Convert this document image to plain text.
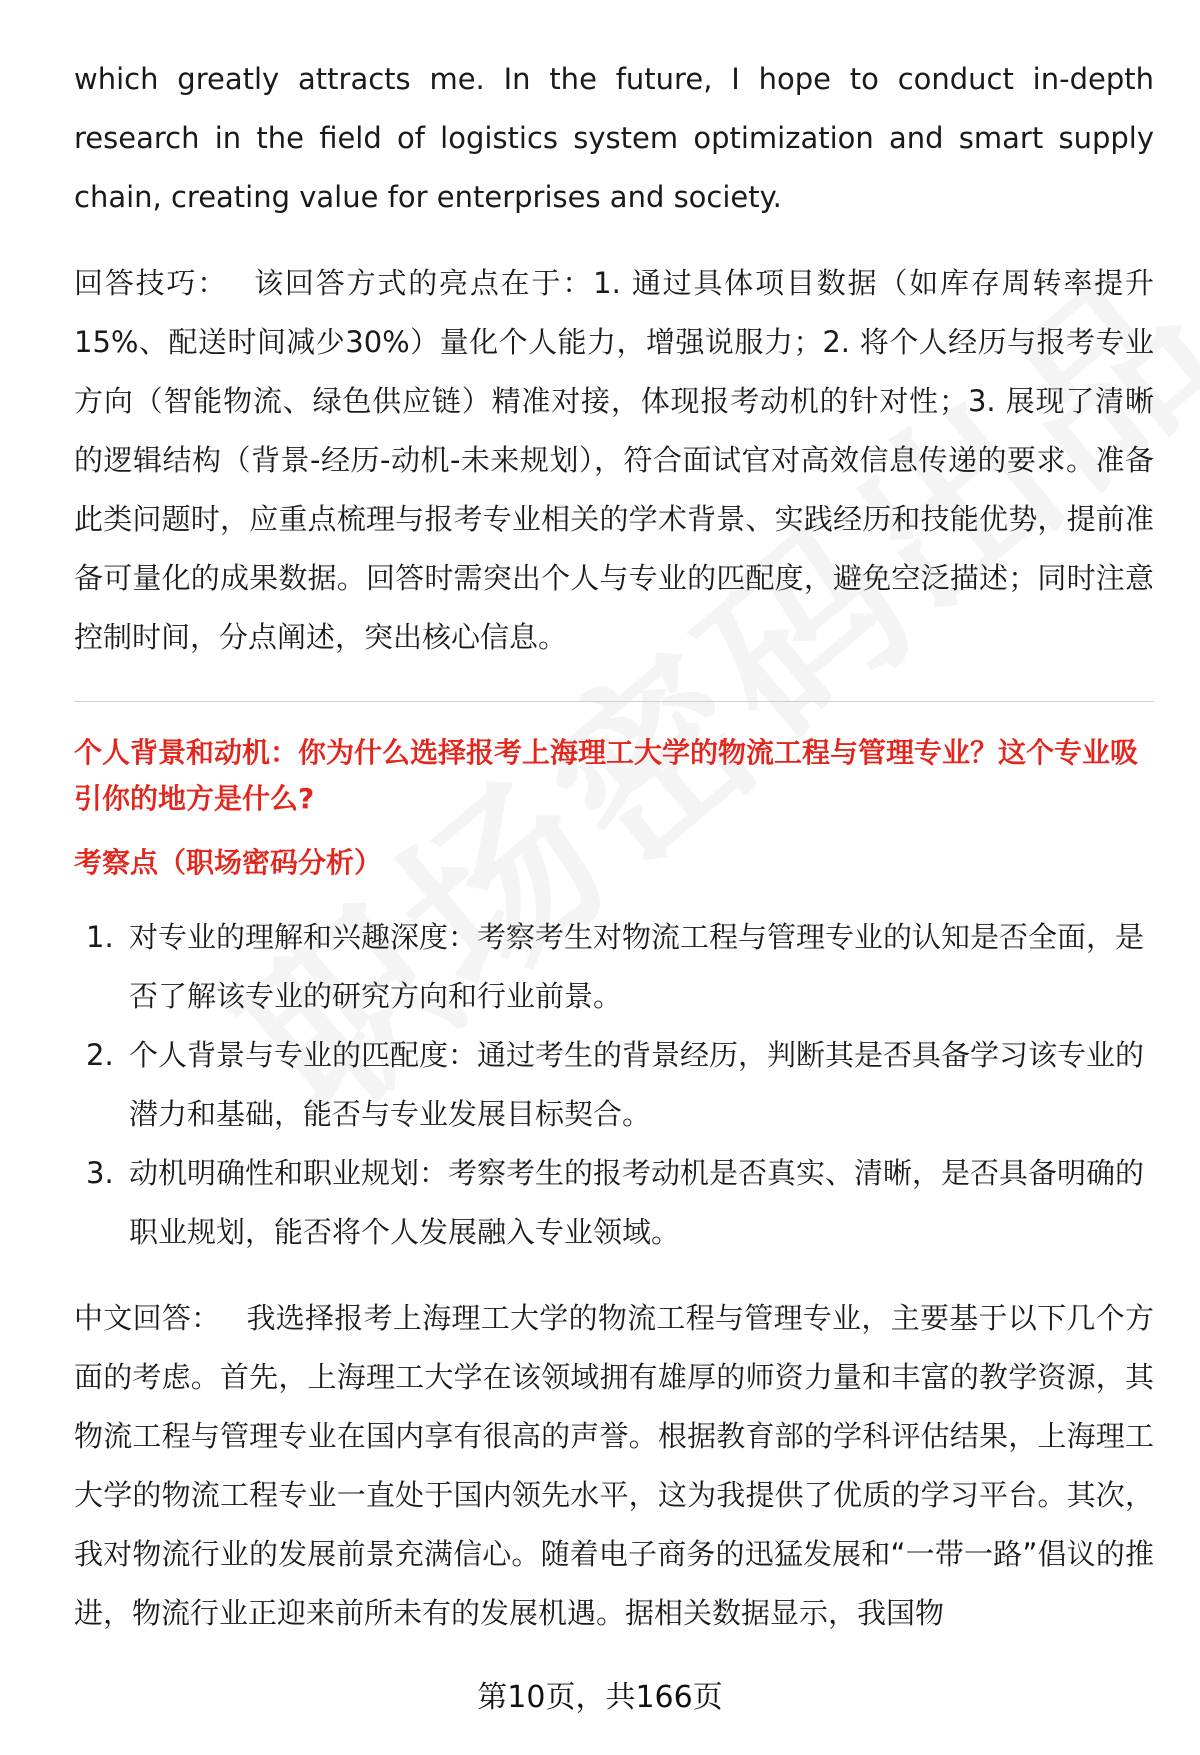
which greatly attracts me. In the future, I hope to conduct in-depth research in the field of logistics system optimization and smart supply chain, creating value for enterprises and society.

回答技巧： 该回答方式的亮点在于：1. 通过具体项目数据（如库存周转率提升15%、配送时间减少30%）量化个人能力，增强说服力；2. 将个人经历与报考专业方向（智能物流、绿色供应链）精准对接，体现报考动机的针对性；3. 展现了清晰的逻辑结构（背景-经历-动机-未来规划），符合面试官对高效信息传递的要求。准备此类问题时，应重点梳理与报考专业相关的学术背景、实践经历和技能优势，提前准备可量化的成果数据。回答时需突出个人与专业的匹配度，避免空泛描述；同时注意控制时间，分点阐述，突出核心信息。

个人背景和动机：你为什么选择报考上海理工大学的物流工程与管理专业？这个专业吸引你的地方是什么?

考察点（职场密码分析）

1. 对专业的理解和兴趣深度：考察考生对物流工程与管理专业的认知是否全面，是否了解该专业的研究方向和行业前景。
2. 个人背景与专业的匹配度：通过考生的背景经历，判断其是否具备学习该专业的潜力和基础，能否与专业发展目标契合。
3. 动机明确性和职业规划：考察考生的报考动机是否真实、清晰，是否具备明确的职业规划，能否将个人发展融入专业领域。

中文回答： 我选择报考上海理工大学的物流工程与管理专业，主要基于以下几个方面的考虑。首先，上海理工大学在该领域拥有雄厚的师资力量和丰富的教学资源，其物流工程与管理专业在国内享有很高的声誉。根据教育部的学科评估结果，上海理工大学的物流工程专业一直处于国内领先水平，这为我提供了优质的学习平台。其次，我对物流行业的发展前景充满信心。随着电子商务的迅猛发展和“一带一路”倡议的推进，物流行业正迎来前所未有的发展机遇。据相关数据显示，我国物

第10页，共166页
